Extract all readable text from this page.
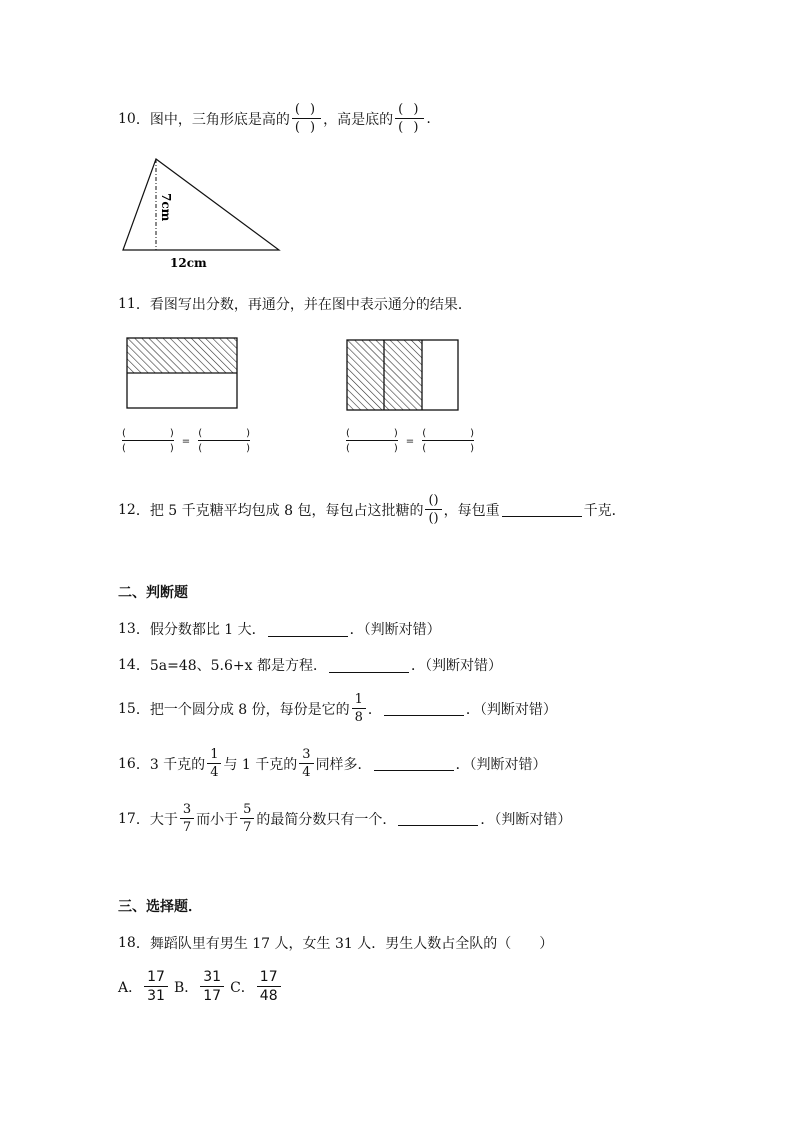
10 ． 图中，三角形底是高的 $\frac{( )}{( )}$ ，高是底的 $\frac{( )}{( )}$ .
7cm
12cm
11 ． 看图写出分数，再通分，并在图中表示通分的结果．
(	)
(	)
=
(	)
(	)
(	)
(	)
=
(	)
(	)
12 ． 把 5 千克糖平均包成 8 包，每包占这批糖的 $\frac{()}{()}$ ，每包重	千克．
二、判断题
13 ． 假分数都比 1 大．	．（判断对错）
14 ． 5a=48、5.6+x 都是方程．	．（判断对错）
15 ． 把一个圆分成 8 份，每份是它的 $\frac{1}{8}$ ．	．（判断对错）
16 ． 3 千克的 $\frac{1}{4}$ 与 1 千克的 $\frac{3}{4}$ 同样多．	．（判断对错）
17 ． 大于 $\frac{3}{7}$ 而小于 $\frac{5}{7}$ 的最简分数只有一个．	．（判断对错）
三、选择题．
18 ． 舞蹈队里有男生 17 人，女生 31 人．男生人数占全队的（　　）
A． $\frac{17}{31}$ B． $\frac{31}{17}$ C． $\frac{17}{48}$
